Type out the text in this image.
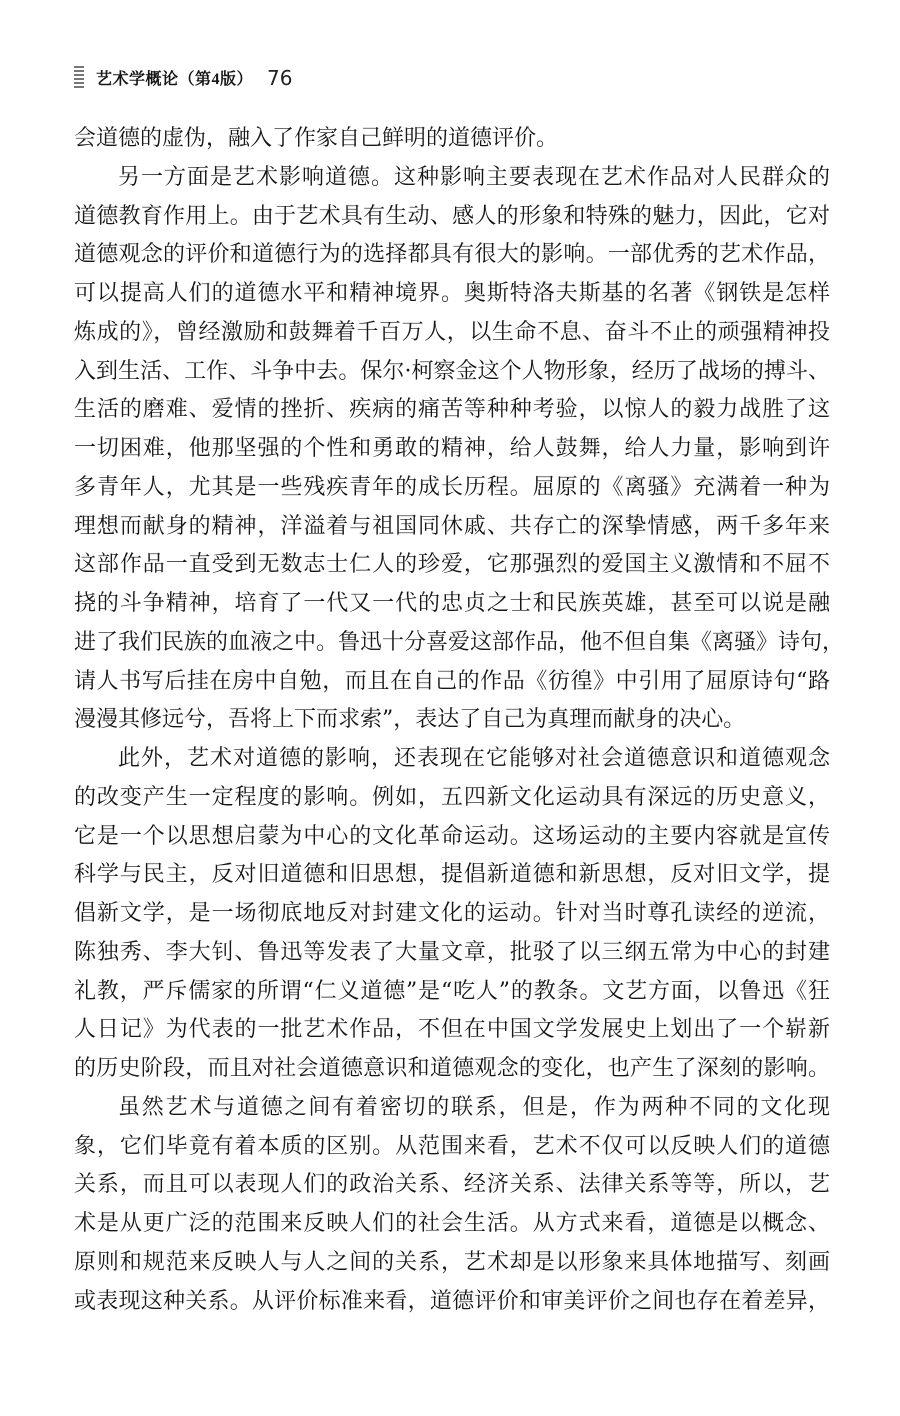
艺术学概论（第4版） 76
会道德的虚伪，融入了作家自己鲜明的道德评价。
另一方面是艺术影响道德。这种影响主要表现在艺术作品对人民群众的
道德教育作用上。由于艺术具有生动、感人的形象和特殊的魅力，因此，它对
道德观念的评价和道德行为的选择都具有很大的影响。一部优秀的艺术作品，
可以提高人们的道德水平和精神境界。奥斯特洛夫斯基的名著《钢铁是怎样
炼成的》，曾经激励和鼓舞着千百万人，以生命不息、奋斗不止的顽强精神投
入到生活、工作、斗争中去。保尔·柯察金这个人物形象，经历了战场的搏斗、
生活的磨难、爱情的挫折、疾病的痛苦等种种考验，以惊人的毅力战胜了这
一切困难，他那坚强的个性和勇敢的精神，给人鼓舞，给人力量，影响到许
多青年人，尤其是一些残疾青年的成长历程。屈原的《离骚》充满着一种为
理想而献身的精神，洋溢着与祖国同休戚、共存亡的深挚情感，两千多年来
这部作品一直受到无数志士仁人的珍爱，它那强烈的爱国主义激情和不屈不
挠的斗争精神，培育了一代又一代的忠贞之士和民族英雄，甚至可以说是融
进了我们民族的血液之中。鲁迅十分喜爱这部作品，他不但自集《离骚》诗句，
请人书写后挂在房中自勉，而且在自己的作品《彷徨》中引用了屈原诗句“路
漫漫其修远兮，吾将上下而求索”，表达了自己为真理而献身的决心。
此外，艺术对道德的影响，还表现在它能够对社会道德意识和道德观念
的改变产生一定程度的影响。例如，五四新文化运动具有深远的历史意义，
它是一个以思想启蒙为中心的文化革命运动。这场运动的主要内容就是宣传
科学与民主，反对旧道德和旧思想，提倡新道德和新思想，反对旧文学，提
倡新文学，是一场彻底地反对封建文化的运动。针对当时尊孔读经的逆流，
陈独秀、李大钊、鲁迅等发表了大量文章，批驳了以三纲五常为中心的封建
礼教，严斥儒家的所谓“仁义道德”是“吃人”的教条。文艺方面，以鲁迅《狂
人日记》为代表的一批艺术作品，不但在中国文学发展史上划出了一个崭新
的历史阶段，而且对社会道德意识和道德观念的变化，也产生了深刻的影响。
虽然艺术与道德之间有着密切的联系，但是，作为两种不同的文化现
象，它们毕竟有着本质的区别。从范围来看，艺术不仅可以反映人们的道德
关系，而且可以表现人们的政治关系、经济关系、法律关系等等，所以，艺
术是从更广泛的范围来反映人们的社会生活。从方式来看，道德是以概念、
原则和规范来反映人与人之间的关系，艺术却是以形象来具体地描写、刻画
或表现这种关系。从评价标准来看，道德评价和审美评价之间也存在着差异，
